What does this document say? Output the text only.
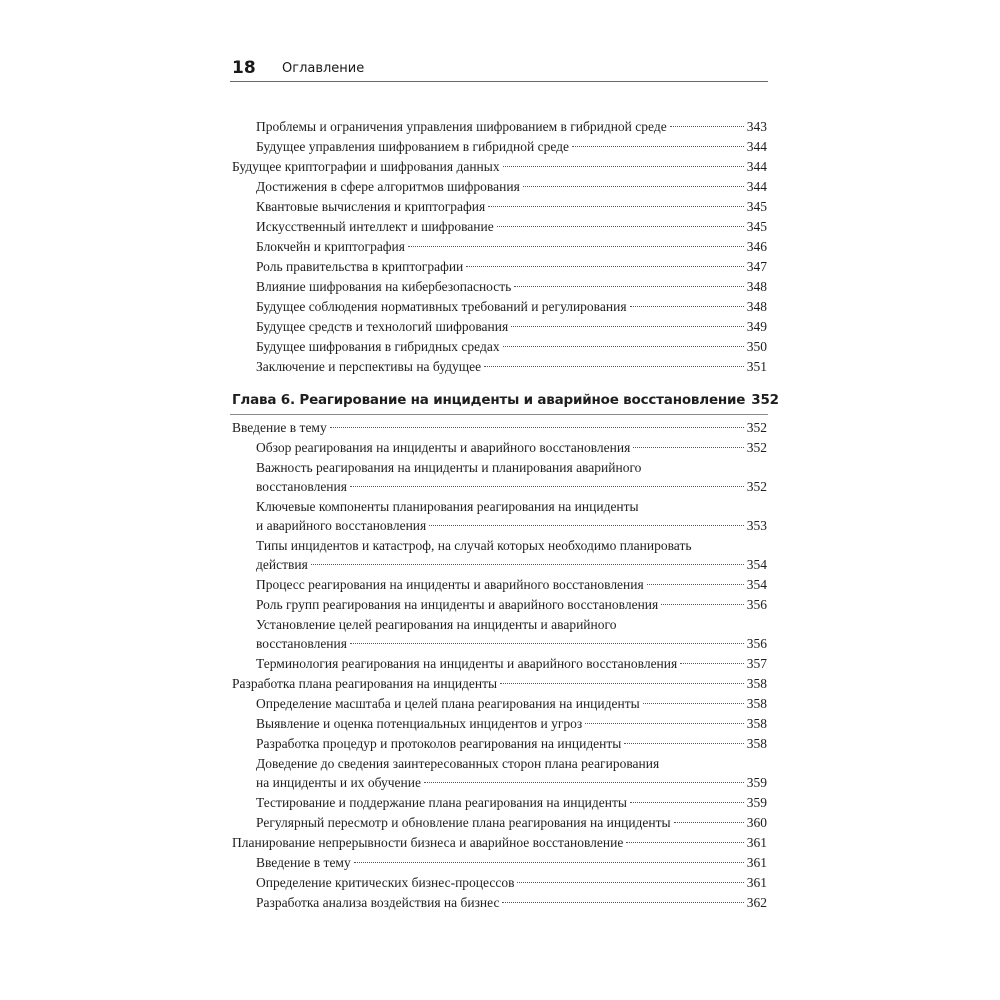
18 Оглавление
Проблемы и ограничения управления шифрованием в гибридной среде	343
Будущее управления шифрованием в гибридной среде	344
Будущее криптографии и шифрования данных	344
Достижения в сфере алгоритмов шифрования	344
Квантовые вычисления и криптография	345
Искусственный интеллект и шифрование	345
Блокчейн и криптография	346
Роль правительства в криптографии	347
Влияние шифрования на кибербезопасность	348
Будущее соблюдения нормативных требований и регулирования	348
Будущее средств и технологий шифрования	349
Будущее шифрования в гибридных средах	350
Заключение и перспективы на будущее	351
Глава 6. Реагирование на инциденты и аварийное восстановление 352
Введение в тему	352
Обзор реагирования на инциденты и аварийного восстановления	352
Важность реагирования на инциденты и планирования аварийного
восстановления	352
Ключевые компоненты планирования реагирования на инциденты
и аварийного восстановления	353
Типы инцидентов и катастроф, на случай которых необходимо планировать
действия	354
Процесс реагирования на инциденты и аварийного восстановления	354
Роль групп реагирования на инциденты и аварийного восстановления	356
Установление целей реагирования на инциденты и аварийного
восстановления	356
Терминология реагирования на инциденты и аварийного восстановления	357
Разработка плана реагирования на инциденты	358
Определение масштаба и целей плана реагирования на инциденты	358
Выявление и оценка потенциальных инцидентов и угроз	358
Разработка процедур и протоколов реагирования на инциденты	358
Доведение до сведения заинтересованных сторон плана реагирования
на инциденты и их обучение	359
Тестирование и поддержание плана реагирования на инциденты	359
Регулярный пересмотр и обновление плана реагирования на инциденты	360
Планирование непрерывности бизнеса и аварийное восстановление	361
Введение в тему	361
Определение критических бизнес-процессов	361
Разработка анализа воздействия на бизнес	362
